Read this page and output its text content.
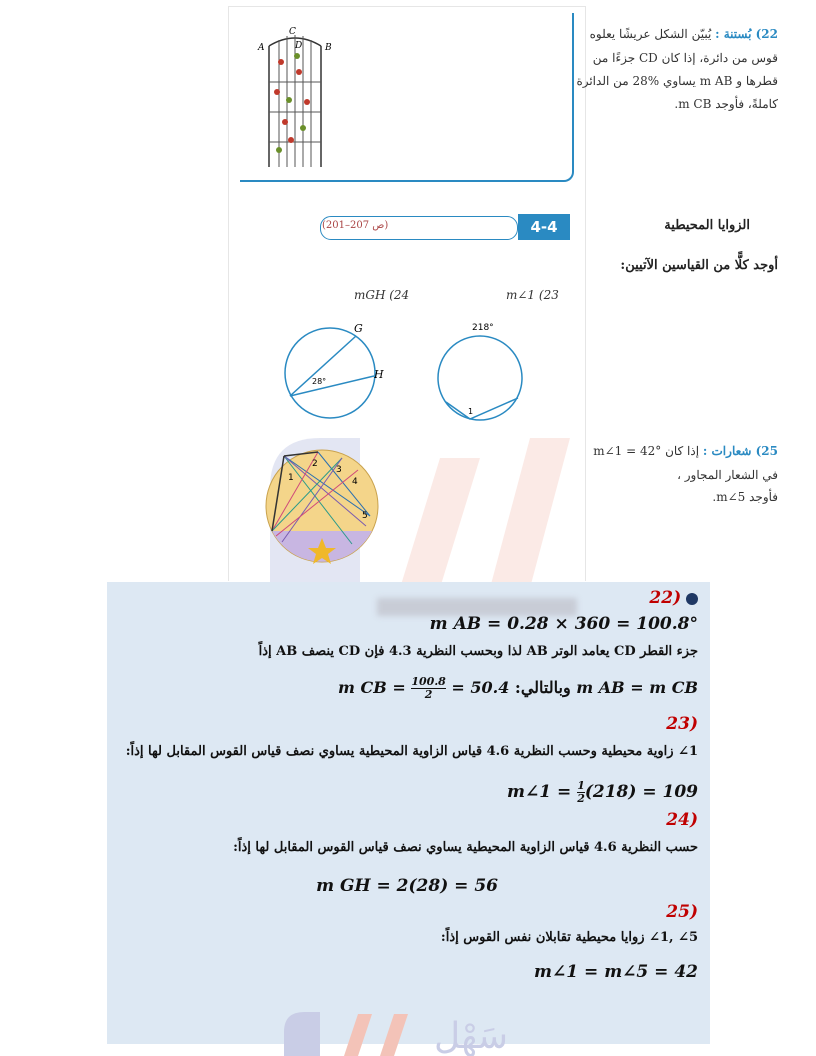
C
D
A	B
22) بُستنة : يُبيّن الشكل عريشًا يعلوه
قوس من دائرة، إذا كان CD جزءًا من
قطرها و m AB يساوي %28 من الدائرة
كاملةً، فأوجد m CB.
4-4	الزوايا المحيطية
(ص 207–201)
أوجد كلًّا من القياسين الآتيين:
m∠1 (23
mGH (24
G
H
28°
218°
1
1
2
3
4
5
25) شعارات : إذا كان m∠1 = 42°
في الشعار المجاور ،
فأوجد m∠5.
(22
m AB = 0.28 × 360 = 100.8°
جزء القطر CD يعامد الوتر AB لذا وبحسب النظرية 4.3 فإن CD ينصف AB إذاً
m AB = m CB وبالتالي: m CB = $\frac{100.8}{2} = 50.4$
(23
1∠ زاوية محيطية وحسب النظرية 4.6 قياس الزاوية المحيطية يساوي نصف قياس القوس المقابل لها إذاً:
m∠1 = $\frac{1}{2} (218) = 109$
(24
حسب النظرية 4.6 قياس الزاوية المحيطية يساوي نصف قياس القوس المقابل لها إذاً:
m GH = 2(28) = 56
(25
5∠ ,1∠ زوايا محيطية تقابلان نفس القوس إذاً:
m∠1 = m∠5 = 42
سَهْل
